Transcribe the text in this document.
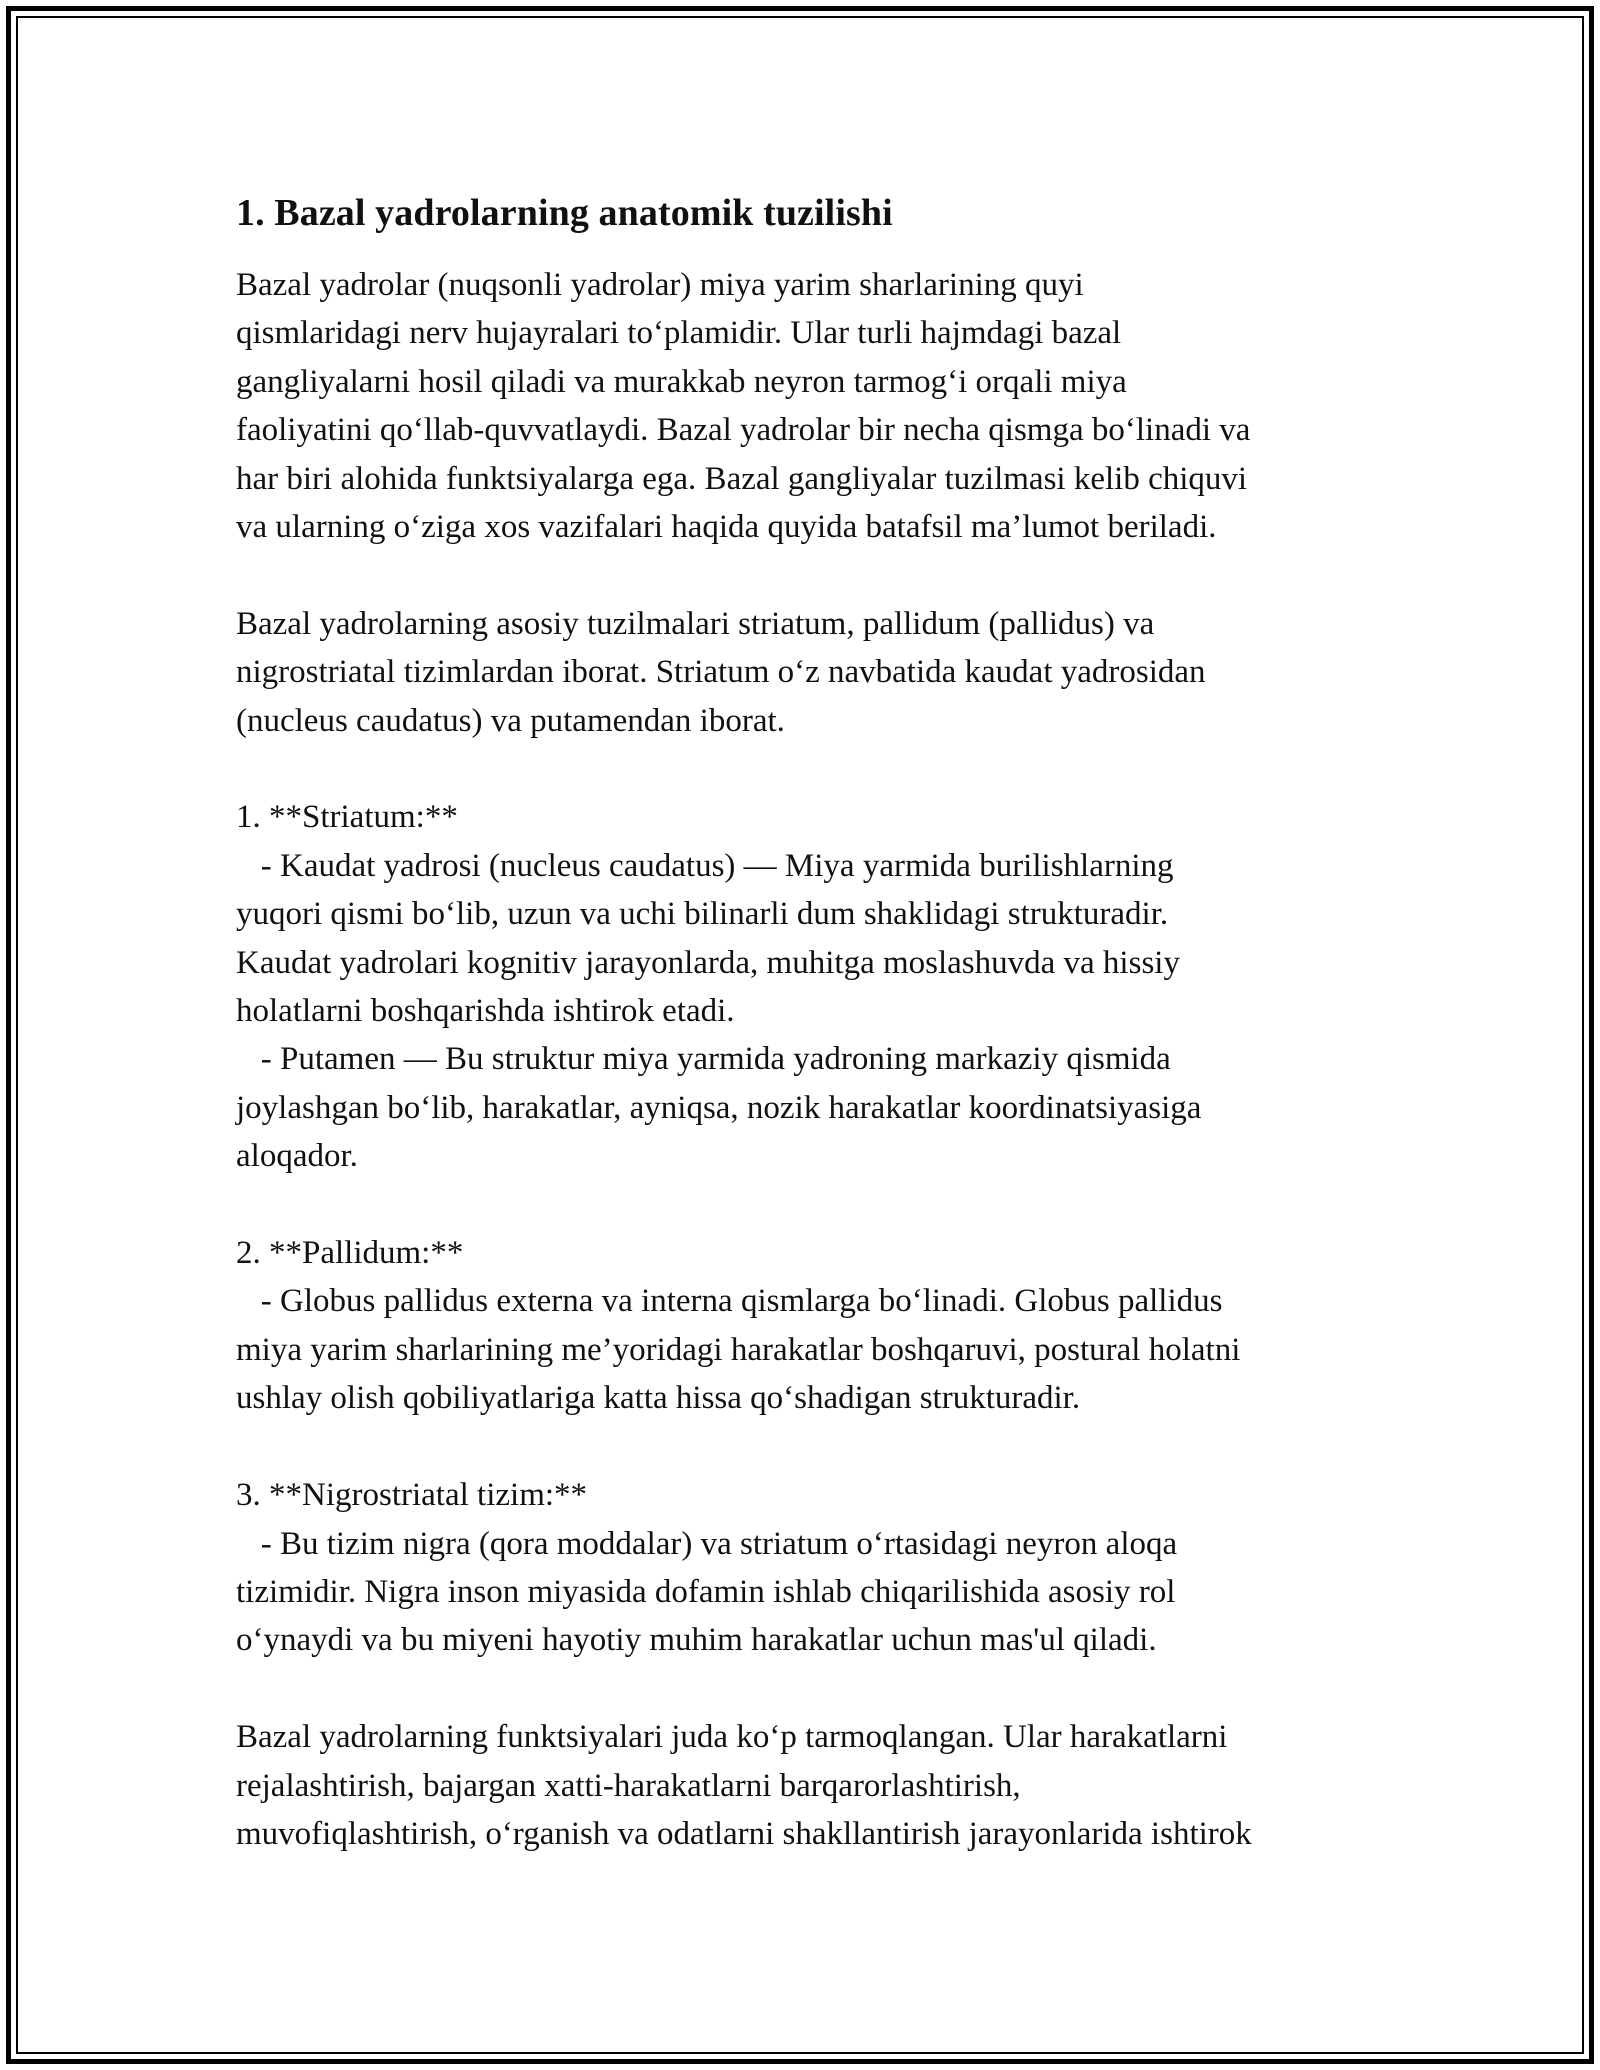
1. Bazal yadrolarning anatomik tuzilishi
Bazal yadrolar (nuqsonli yadrolar) miya yarim sharlarining quyi
qismlaridagi nerv hujayralari to‘plamidir. Ular turli hajmdagi bazal
gangliyalarni hosil qiladi va murakkab neyron tarmog‘i orqali miya
faoliyatini qo‘llab-quvvatlaydi. Bazal yadrolar bir necha qismga bo‘linadi va
har biri alohida funktsiyalarga ega. Bazal gangliyalar tuzilmasi kelib chiquvi
va ularning o‘ziga xos vazifalari haqida quyida batafsil ma’lumot beriladi.
Bazal yadrolarning asosiy tuzilmalari striatum, pallidum (pallidus) va
nigrostriatal tizimlardan iborat. Striatum o‘z navbatida kaudat yadrosidan
(nucleus caudatus) va putamendan iborat.
1. **Striatum:**
- Kaudat yadrosi (nucleus caudatus) — Miya yarmida burilishlarning
yuqori qismi bo‘lib, uzun va uchi bilinarli dum shaklidagi strukturadir.
Kaudat yadrolari kognitiv jarayonlarda, muhitga moslashuvda va hissiy
holatlarni boshqarishda ishtirok etadi.
- Putamen — Bu struktur miya yarmida yadroning markaziy qismida
joylashgan bo‘lib, harakatlar, ayniqsa, nozik harakatlar koordinatsiyasiga
aloqador.
2. **Pallidum:**
- Globus pallidus externa va interna qismlarga bo‘linadi. Globus pallidus
miya yarim sharlarining me’yoridagi harakatlar boshqaruvi, postural holatni
ushlay olish qobiliyatlariga katta hissa qo‘shadigan strukturadir.
3. **Nigrostriatal tizim:**
- Bu tizim nigra (qora moddalar) va striatum o‘rtasidagi neyron aloqa
tizimidir. Nigra inson miyasida dofamin ishlab chiqarilishida asosiy rol
o‘ynaydi va bu miyeni hayotiy muhim harakatlar uchun mas'ul qiladi.
Bazal yadrolarning funktsiyalari juda ko‘p tarmoqlangan. Ular harakatlarni
rejalashtirish, bajargan xatti-harakatlarni barqarorlashtirish,
muvofiqlashtirish, o‘rganish va odatlarni shakllantirish jarayonlarida ishtirok
